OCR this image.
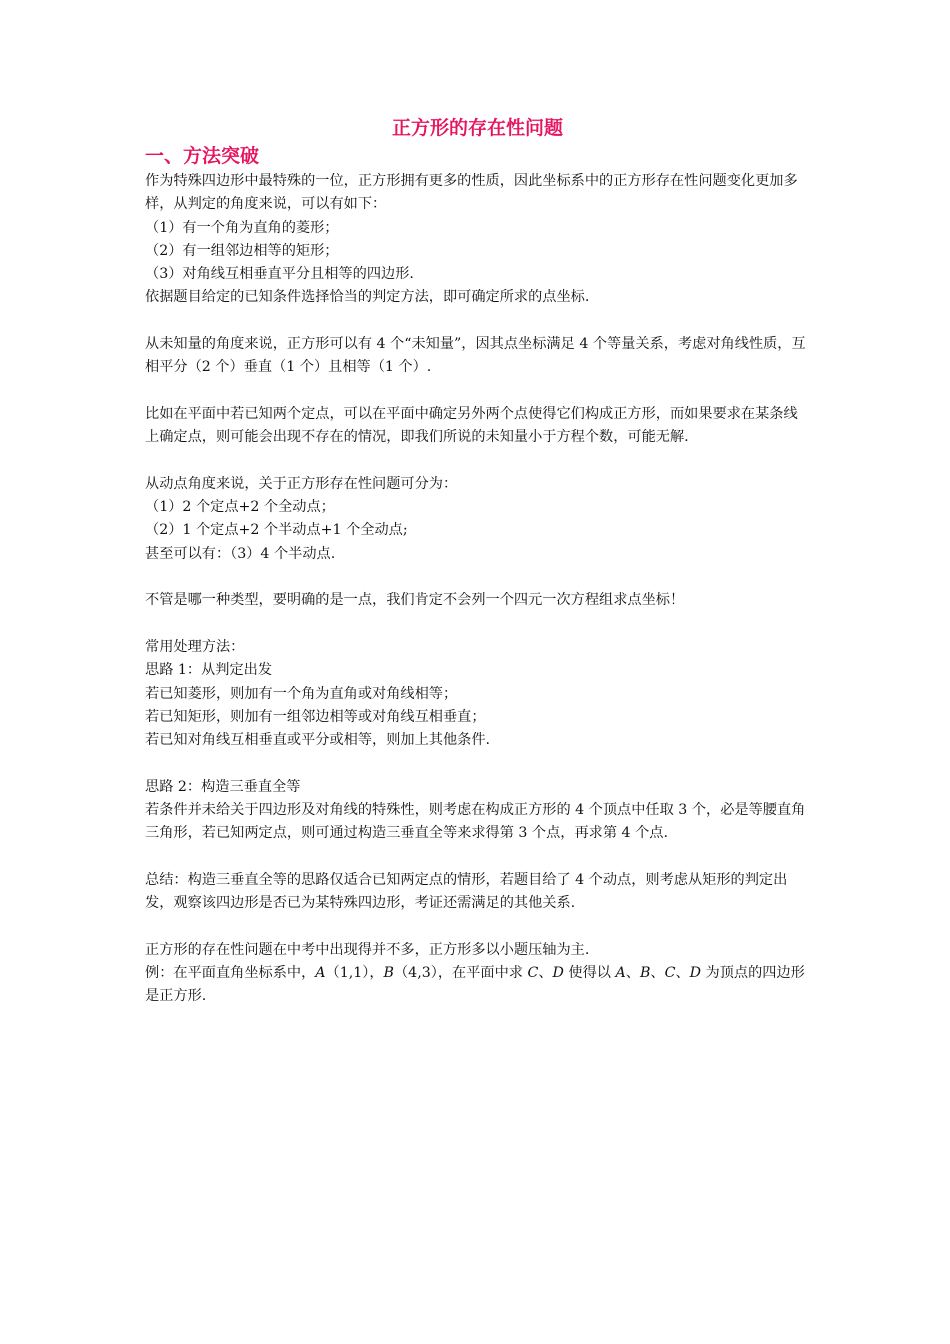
正方形的存在性问题
一、方法突破

作为特殊四边形中最特殊的一位，正方形拥有更多的性质，因此坐标系中的正方形存在性问题变化更加多样，从判定的角度来说，可以有如下：

（1）有一个角为直角的菱形；

（2）有一组邻边相等的矩形；

（3）对角线互相垂直平分且相等的四边形.

依据题目给定的已知条件选择恰当的判定方法，即可确定所求的点坐标.

从未知量的角度来说，正方形可以有 4 个“未知量”，因其点坐标满足 4 个等量关系，考虑对角线性质，互相平分（2 个）垂直（1 个）且相等（1 个）.

比如在平面中若已知两个定点，可以在平面中确定另外两个点使得它们构成正方形，而如果要求在某条线上确定点，则可能会出现不存在的情况，即我们所说的未知量小于方程个数，可能无解.

从动点角度来说，关于正方形存在性问题可分为：

（1）2 个定点+2 个全动点；

（2）1 个定点+2 个半动点+1 个全动点;

甚至可以有：（3）4 个半动点.

不管是哪一种类型，要明确的是一点，我们肯定不会列一个四元一次方程组求点坐标！

常用处理方法：

思路 1：从判定出发

若已知菱形，则加有一个角为直角或对角线相等；

若已知矩形，则加有一组邻边相等或对角线互相垂直；

若已知对角线互相垂直或平分或相等，则加上其他条件.

思路 2：构造三垂直全等

若条件并未给关于四边形及对角线的特殊性，则考虑在构成正方形的 4 个顶点中任取 3 个，必是等腰直角三角形，若已知两定点，则可通过构造三垂直全等来求得第 3 个点，再求第 4 个点.

总结：构造三垂直全等的思路仅适合已知两定点的情形，若题目给了 4 个动点，则考虑从矩形的判定出发，观察该四边形是否已为某特殊四边形，考证还需满足的其他关系.

正方形的存在性问题在中考中出现得并不多，正方形多以小题压轴为主.

例：在平面直角坐标系中，A（1,1），B（4,3），在平面中求 C、D 使得以 A、B、C、D 为顶点的四边形是正方形.
